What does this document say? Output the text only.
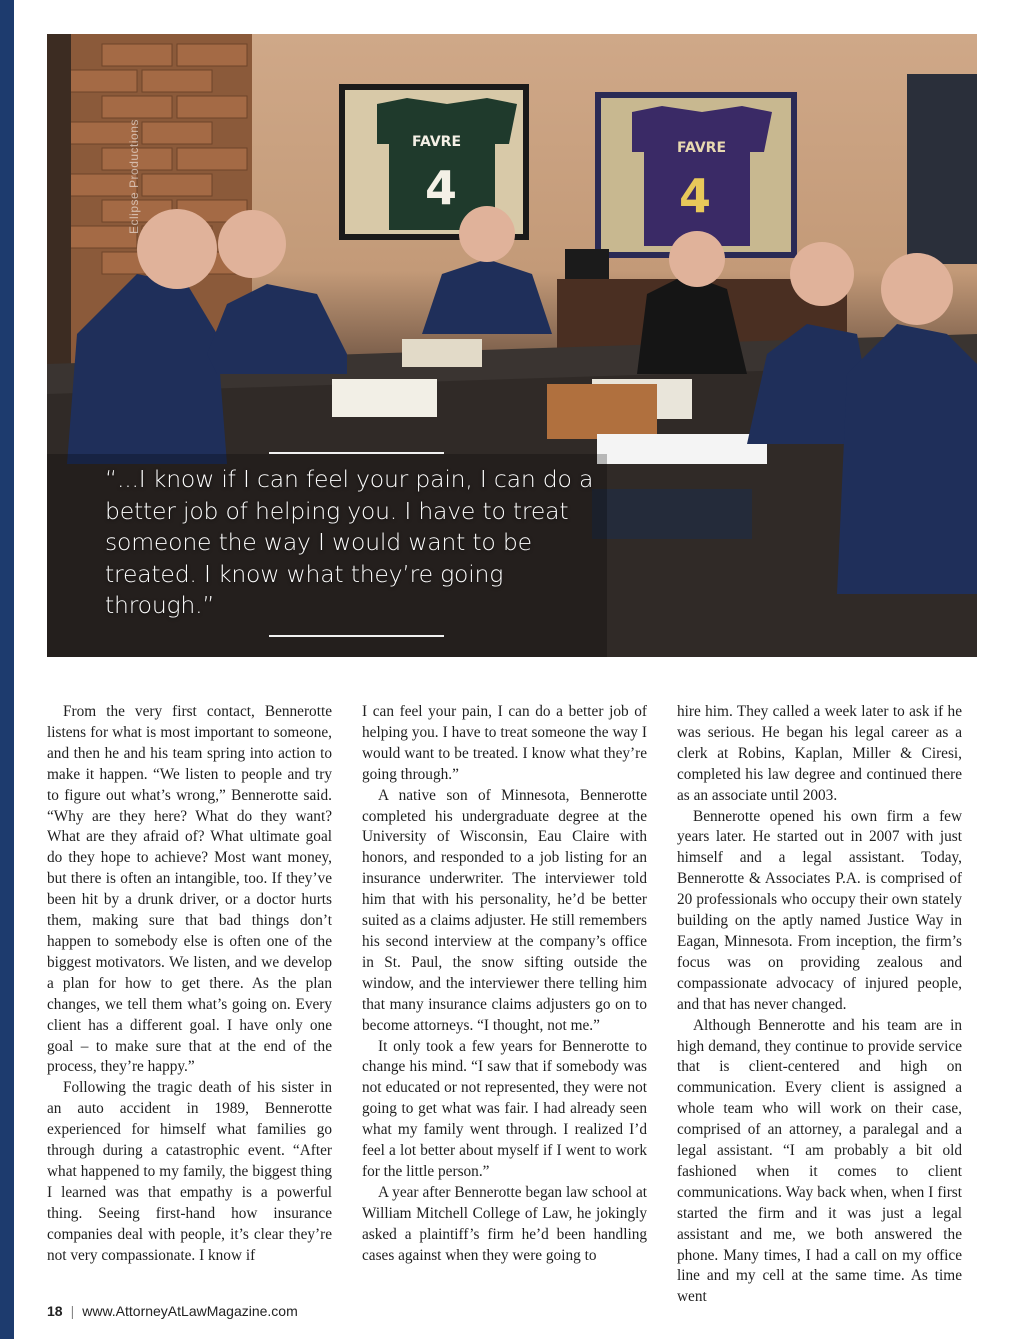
FAVRE
4
FAVRE
4
Eclipse Productions
“...I know if I can feel your pain, I can do a better job of helping you. I have to treat someone the way I would want to be treated. I know what they’re going through.”

From the very first contact, Bennerotte listens for what is most important to someone, and then he and his team spring into action to make it happen. “We listen to people and try to figure out what’s wrong,” Bennerotte said. “Why are they here? What do they want? What are they afraid of? What ultimate goal do they hope to achieve? Most want money, but there is often an intangible, too. If they’ve been hit by a drunk driver, or a doctor hurts them, making sure that bad things don’t happen to somebody else is often one of the biggest motivators. We listen, and we develop a plan for how to get there. As the plan changes, we tell them what’s going on. Every client has a different goal. I have only one goal – to make sure that at the end of the process, they’re happy.”

Following the tragic death of his sister in an auto accident in 1989, Bennerotte experienced for himself what families go through during a catastrophic event. “After what happened to my family, the biggest thing I learned was that empathy is a powerful thing. Seeing first-hand how insurance companies deal with people, it’s clear they’re not very compassionate. I know if

I can feel your pain, I can do a better job of helping you. I have to treat someone the way I would want to be treated. I know what they’re going through.”

A native son of Minnesota, Bennerotte completed his undergraduate degree at the University of Wisconsin, Eau Claire with honors, and responded to a job listing for an insurance underwriter. The interviewer told him that with his personality, he’d be better suited as a claims adjuster. He still remembers his second interview at the company’s office in St. Paul, the snow sifting outside the window, and the interviewer there telling him that many insurance claims adjusters go on to become attorneys. “I thought, not me.”

It only took a few years for Bennerotte to change his mind. “I saw that if somebody was not educated or not represented, they were not going to get what was fair. I had already seen what my family went through. I realized I’d feel a lot better about myself if I went to work for the little person.”

A year after Bennerotte began law school at William Mitchell College of Law, he jokingly asked a plaintiff’s firm he’d been handling cases against when they were going to

hire him. They called a week later to ask if he was serious. He began his legal career as a clerk at Robins, Kaplan, Miller & Ciresi, completed his law degree and continued there as an associate until 2003.

Bennerotte opened his own firm a few years later. He started out in 2007 with just himself and a legal assistant. Today, Bennerotte & Associates P.A. is comprised of 20 professionals who occupy their own stately building on the aptly named Justice Way in Eagan, Minnesota. From inception, the firm’s focus was on providing zealous and compassionate advocacy of injured people, and that has never changed.

Although Bennerotte and his team are in high demand, they continue to provide service that is client-centered and high on communication. Every client is assigned a whole team who will work on their case, comprised of an attorney, a paralegal and a legal assistant. “I am probably a bit old fashioned when it comes to client communications. Way back when, when I first started the firm and it was just a legal assistant and me, we both answered the phone. Many times, I had a call on my office line and my cell at the same time. As time went

18 | www.AttorneyAtLawMagazine.com
